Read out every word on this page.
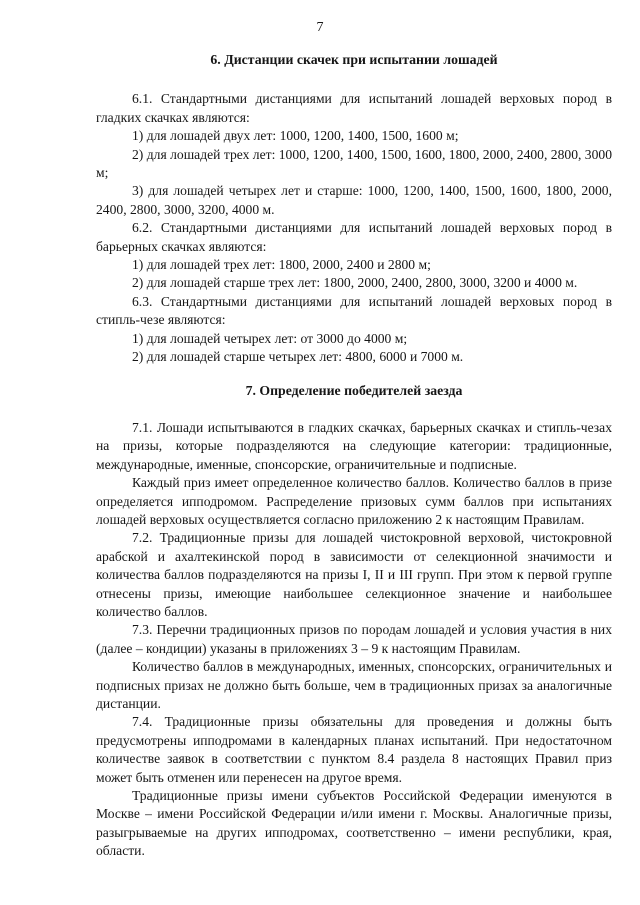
7
6. Дистанции скачек при испытании лошадей

6.1. Стандартными дистанциями для испытаний лошадей верховых пород в гладких скачках являются:

1) для лошадей двух лет: 1000, 1200, 1400, 1500, 1600 м;

2) для лошадей трех лет: 1000, 1200, 1400, 1500, 1600, 1800, 2000, 2400, 2800, 3000 м;

3) для лошадей четырех лет и старше: 1000, 1200, 1400, 1500, 1600, 1800, 2000, 2400, 2800, 3000, 3200, 4000 м.

6.2. Стандартными дистанциями для испытаний лошадей верховых пород в барьерных скачках являются:

1) для лошадей трех лет: 1800, 2000, 2400 и 2800 м;

2) для лошадей старше трех лет: 1800, 2000, 2400, 2800, 3000, 3200 и 4000 м.

6.3. Стандартными дистанциями для испытаний лошадей верховых пород в стипль-чезе являются:

1) для лошадей четырех лет: от 3000 до 4000 м;

2) для лошадей старше четырех лет: 4800, 6000 и 7000 м.

7. Определение победителей заезда

7.1. Лошади испытываются в гладких скачках, барьерных скачках и стипль-чезах на призы, которые подразделяются на следующие категории: традиционные, международные, именные, спонсорские, ограничительные и подписные.

Каждый приз имеет определенное количество баллов. Количество баллов в призе определяется ипподромом. Распределение призовых сумм баллов при испытаниях лошадей верховых осуществляется согласно приложению 2 к настоящим Правилам.

7.2. Традиционные призы для лошадей чистокровной верховой, чистокровной арабской и ахалтекинской пород в зависимости от селекционной значимости и количества баллов подразделяются на призы I, II и III групп. При этом к первой группе отнесены призы, имеющие наибольшее селекционное значение и наибольшее количество баллов.

7.3. Перечни традиционных призов по породам лошадей и условия участия в них (далее – кондиции) указаны в приложениях 3 – 9 к настоящим Правилам.

Количество баллов в международных, именных, спонсорских, ограничительных и подписных призах не должно быть больше, чем в традиционных призах за аналогичные дистанции.

7.4. Традиционные призы обязательны для проведения и должны быть предусмотрены ипподромами в календарных планах испытаний. При недостаточном количестве заявок в соответствии с пунктом 8.4 раздела 8 настоящих Правил приз может быть отменен или перенесен на другое время.

Традиционные призы имени субъектов Российской Федерации именуются в Москве – имени Российской Федерации и/или имени г. Москвы. Аналогичные призы, разыгрываемые на других ипподромах, соответственно – имени республики, края, области.
